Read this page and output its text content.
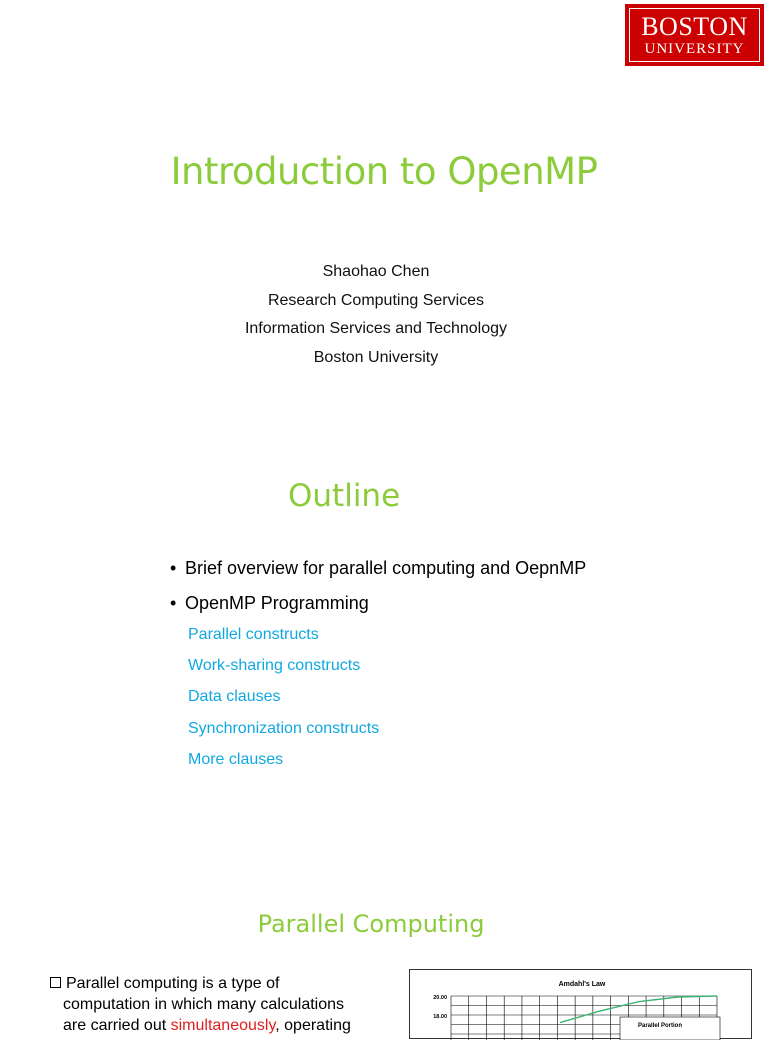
BOSTON
UNIVERSITY
Introduction to OpenMP
Shaohao Chen
Research Computing Services
Information Services and Technology
Boston University
Outline
• Brief overview for parallel computing and OepnMP
• OpenMP Programming
Parallel constructs
Work-sharing constructs
Data clauses
Synchronization constructs
More clauses
Parallel Computing
Parallel computing is a type of
computation in which many calculations
are carried out simultaneously, operating
Amdahl's Law
20.00
18.00
Parallel Portion
